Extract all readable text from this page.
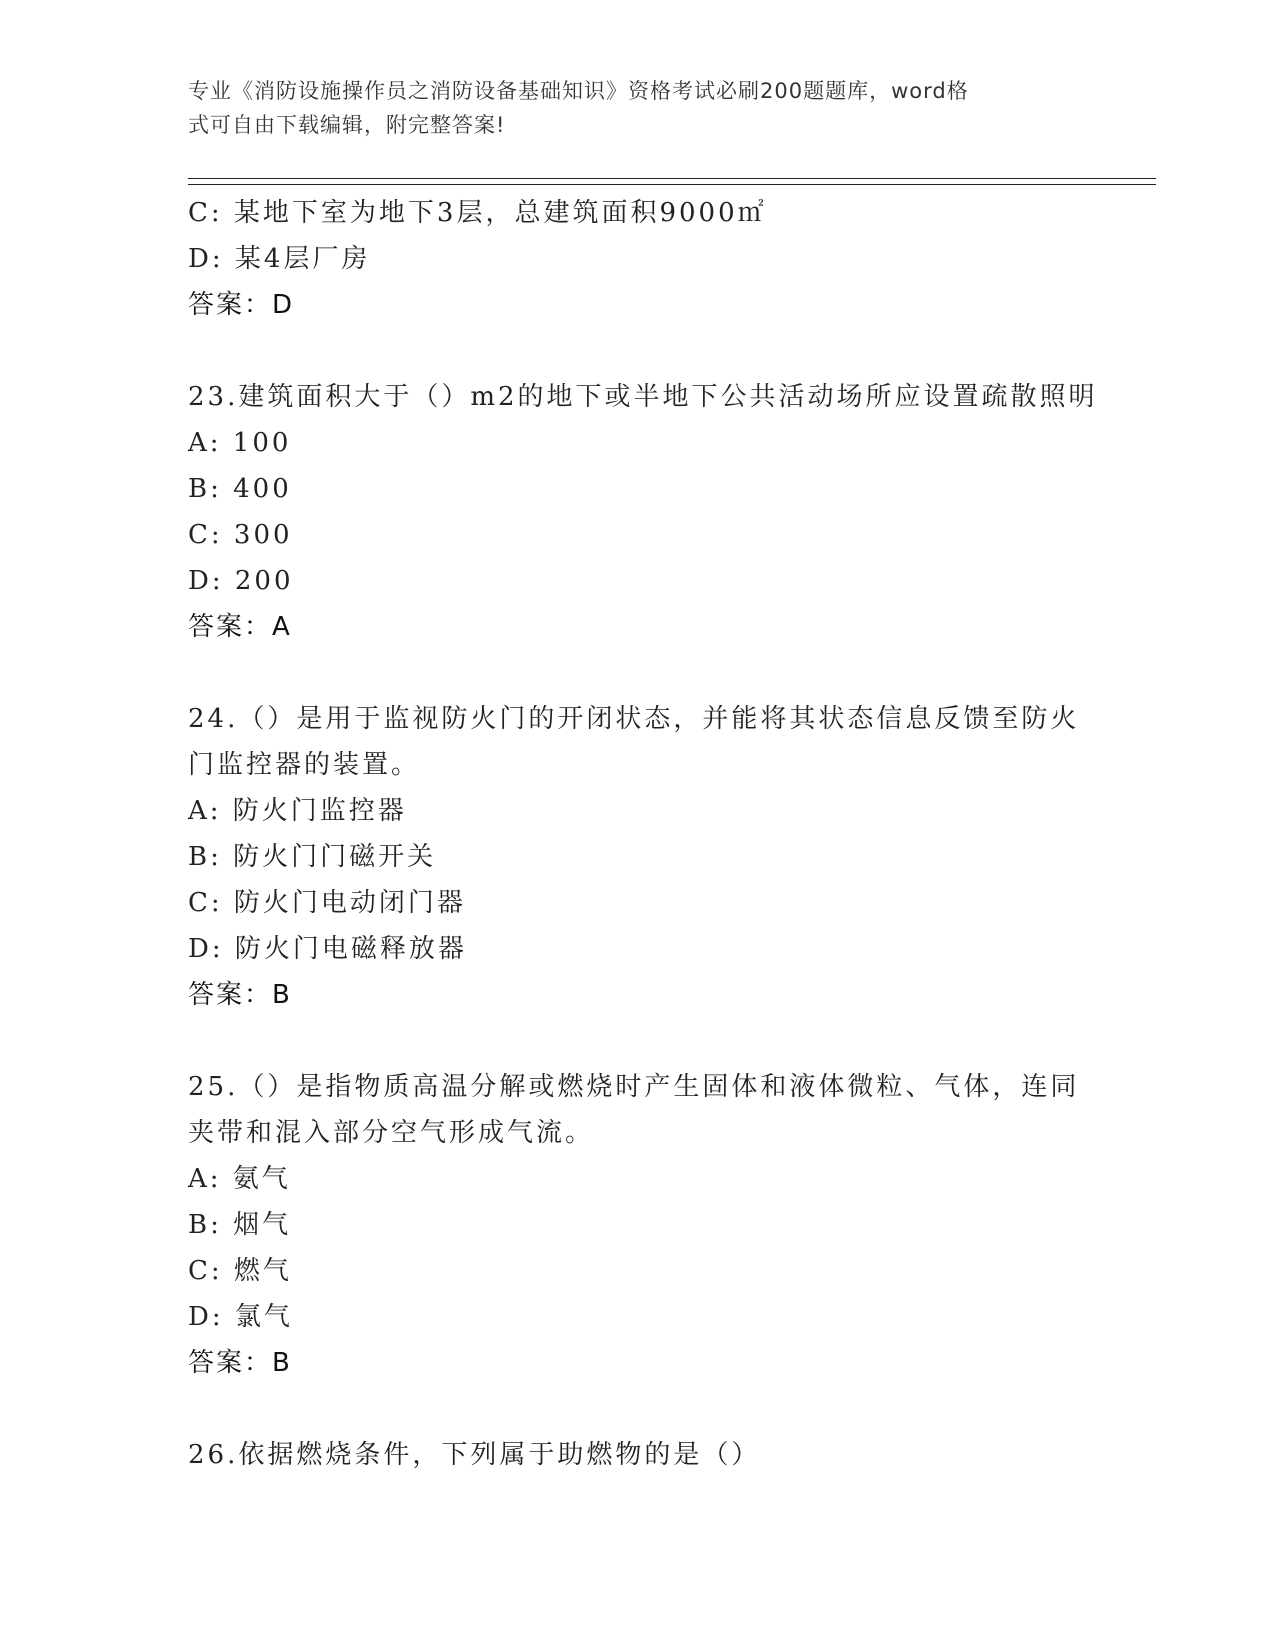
专业《消防设施操作员之消防设备基础知识》资格考试必刷200题题库，word格
式可自由下载编辑，附完整答案!
C: 某地下室为地下3层，总建筑面积9000㎡
D: 某4层厂房
答案：D
23.建筑面积大于（）m2的地下或半地下公共活动场所应设置疏散照明
A: 100
B: 400
C: 300
D: 200
答案：A
24.（）是用于监视防火门的开闭状态，并能将其状态信息反馈至防火
门监控器的装置。
A: 防火门监控器
B: 防火门门磁开关
C: 防火门电动闭门器
D: 防火门电磁释放器
答案：B
25.（）是指物质高温分解或燃烧时产生固体和液体微粒、气体，连同
夹带和混入部分空气形成气流。
A: 氨气
B: 烟气
C: 燃气
D: 氯气
答案：B
26.依据燃烧条件，下列属于助燃物的是（）
